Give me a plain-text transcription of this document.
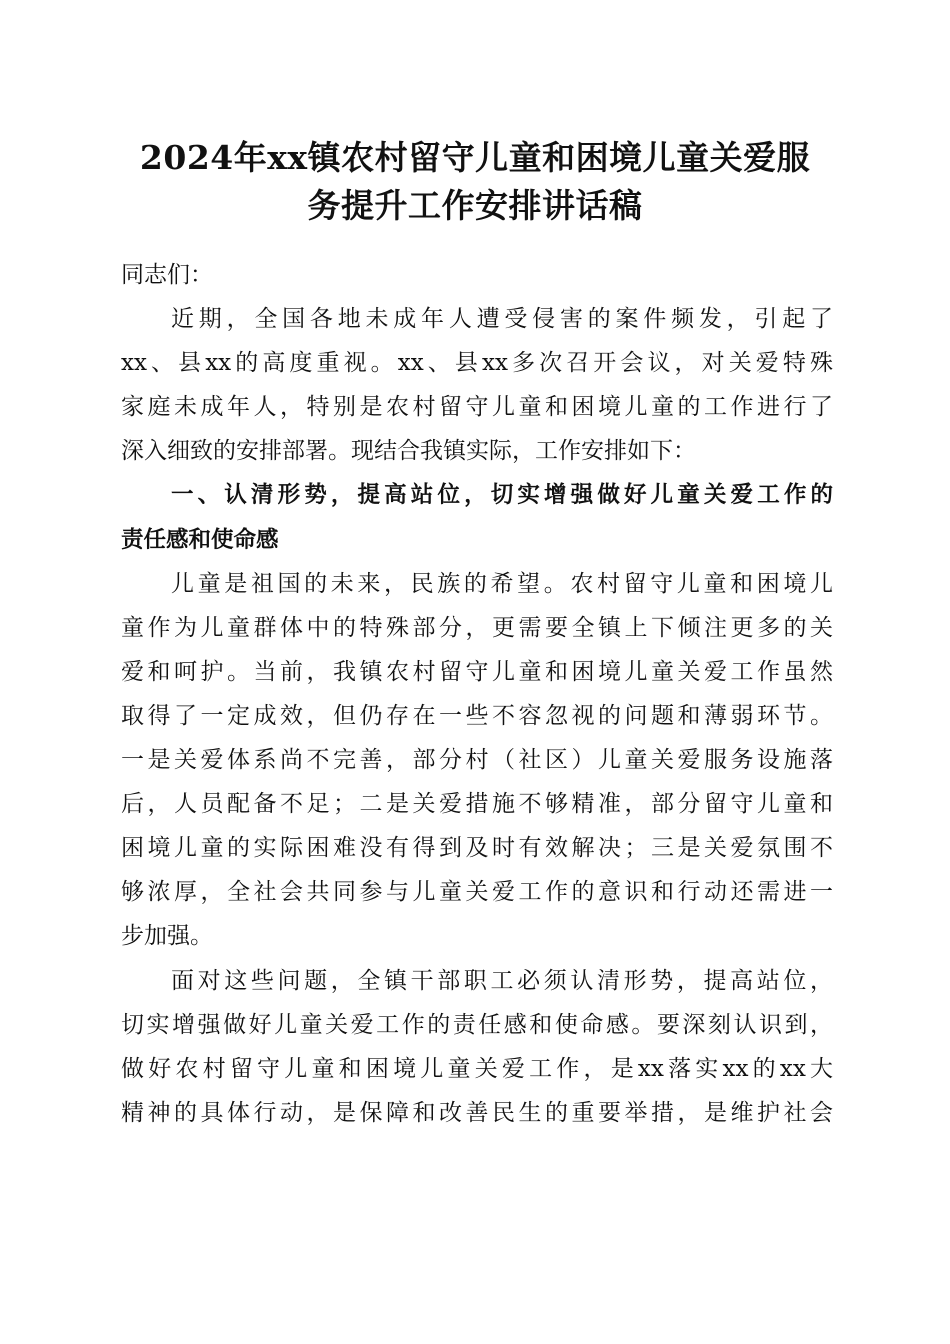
2024年xx镇农村留守儿童和困境儿童关爱服
务提升工作安排讲话稿
同志们：
近期，全国各地未成年人遭受侵害的案件频发，引起了
xx、县xx的高度重视。xx、县xx多次召开会议，对关爱特殊
家庭未成年人，特别是农村留守儿童和困境儿童的工作进行了
深入细致的安排部署。现结合我镇实际，工作安排如下：
一、认清形势，提高站位，切实增强做好儿童关爱工作的
责任感和使命感
儿童是祖国的未来，民族的希望。农村留守儿童和困境儿
童作为儿童群体中的特殊部分，更需要全镇上下倾注更多的关
爱和呵护。当前，我镇农村留守儿童和困境儿童关爱工作虽然
取得了一定成效，但仍存在一些不容忽视的问题和薄弱环节。
一是关爱体系尚不完善，部分村（社区）儿童关爱服务设施落
后，人员配备不足；二是关爱措施不够精准，部分留守儿童和
困境儿童的实际困难没有得到及时有效解决；三是关爱氛围不
够浓厚，全社会共同参与儿童关爱工作的意识和行动还需进一
步加强。
面对这些问题，全镇干部职工必须认清形势，提高站位，
切实增强做好儿童关爱工作的责任感和使命感。要深刻认识到，
做好农村留守儿童和困境儿童关爱工作，是xx落实xx的xx大
精神的具体行动，是保障和改善民生的重要举措，是维护社会
